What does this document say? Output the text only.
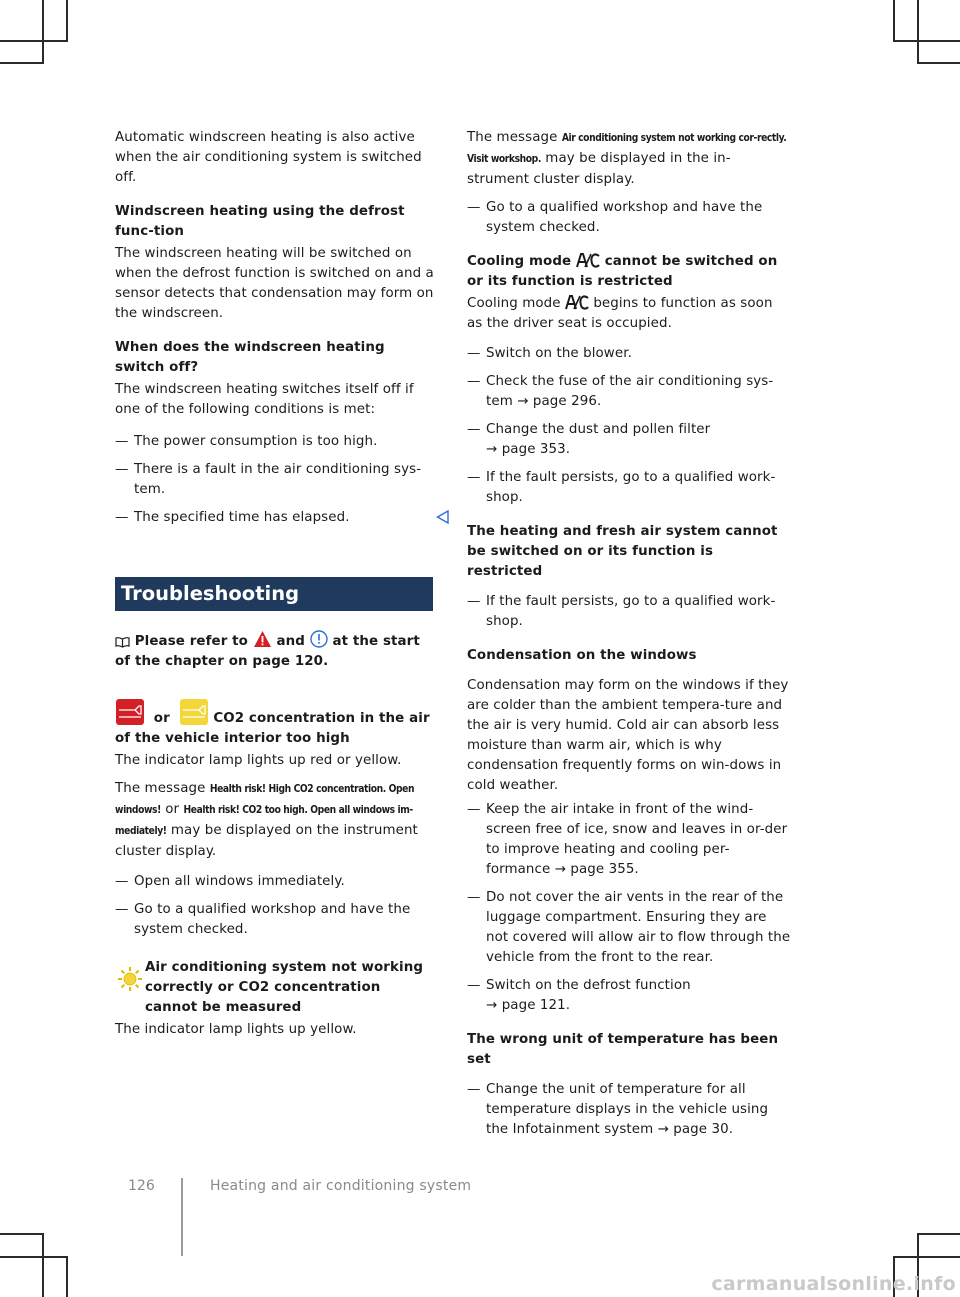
Automatic windscreen heating is also active when the air conditioning system is switched off.

Windscreen heating using the defrost func-tion

The windscreen heating will be switched on when the defrost function is switched on and a sensor detects that condensation may form on the windscreen.

When does the windscreen heating switch off?

The windscreen heating switches itself off if one of the following conditions is met:

— The power consumption is too high.
— There is a fault in the air conditioning sys-tem.
— The specified time has elapsed.
Troubleshooting

Please refer to and at the start of the chapter on page 120.

or	CO2 concentration in the air of the vehicle interior too high

The indicator lamp lights up red or yellow.

The message Health risk! High CO2 concentration. Open windows! or Health risk! CO2 too high. Open all windows im-mediately! may be displayed on the instrument cluster display.

— Open all windows immediately.
— Go to a qualified workshop and have the system checked.
Air conditioning system not working correctly or CO2 concentration cannot be measured

The indicator lamp lights up yellow.

The message Air conditioning system not working cor-rectly. Visit workshop. may be displayed in the in-strument cluster display.

— Go to a qualified workshop and have the system checked.
Cooling mode	cannot be switched on or its function is restricted

Cooling mode begins to function as soon as the driver seat is occupied.

— Switch on the blower.
— Check the fuse of the air conditioning sys-tem → page 296.
— Change the dust and pollen filter
→ page 353.
— If the fault persists, go to a qualified work-shop.
The heating and fresh air system cannot be switched on or its function is restricted
— If the fault persists, go to a qualified work-shop.
Condensation on the windows

Condensation may form on the windows if they are colder than the ambient tempera-ture and the air is very humid. Cold air can absorb less moisture than warm air, which is why condensation frequently forms on win-dows in cold weather.

— Keep the air intake in front of the wind-screen free of ice, snow and leaves in or-der to improve heating and cooling per-formance → page 355.
— Do not cover the air vents in the rear of the luggage compartment. Ensuring they are not covered will allow air to flow through the vehicle from the front to the rear.
— Switch on the defrost function
→ page 121.
The wrong unit of temperature has been set
— Change the unit of temperature for all temperature displays in the vehicle using the Infotainment system → page 30.
126	Heating and air conditioning system
carmanualsonline.info
